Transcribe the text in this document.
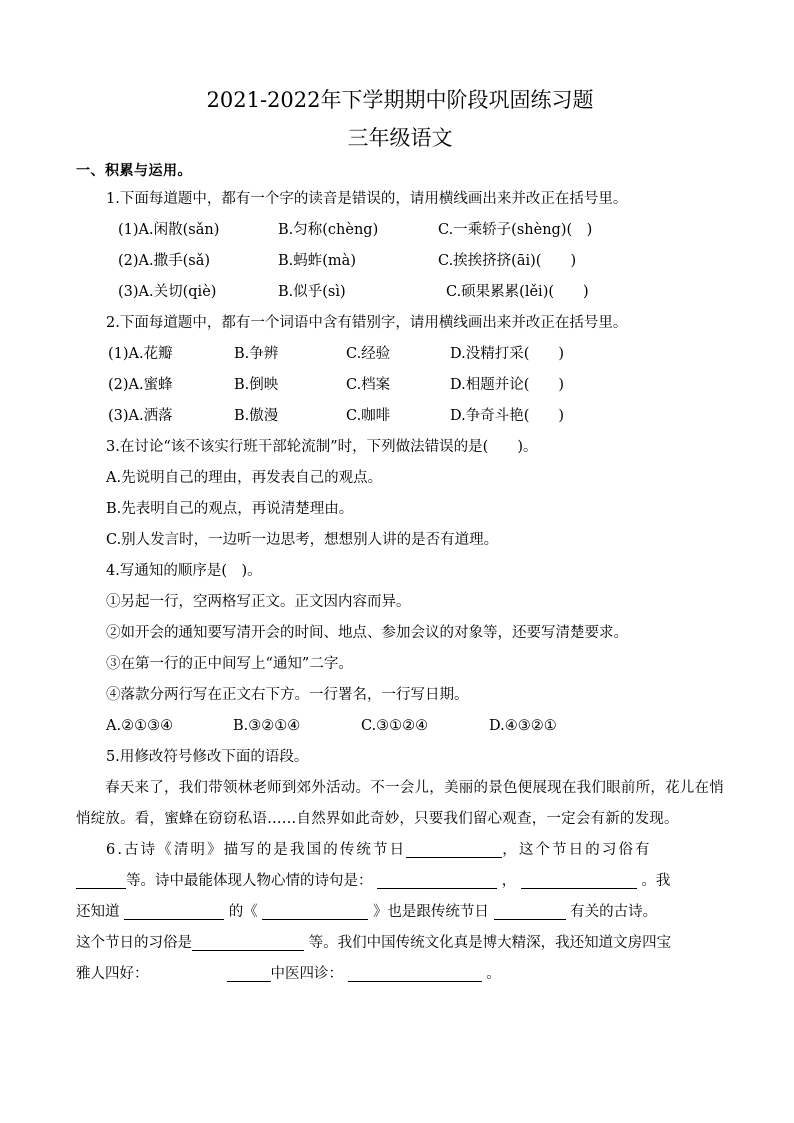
2021-2022年下学期期中阶段巩固练习题
三年级语文
一、积累与运用。
1.下面每道题中，都有一个字的读音是错误的，请用横线画出来并改正在括号里。
(1)A.闲散(sǎn)	B.匀称(chèng)	C.一乘轿子(shèng)(　)
(2)A.撒手(sǎ)	B.蚂蚱(mà)	C.挨挨挤挤(āi)(　　)
(3)A.关切(qiè)	B.似乎(sì)	C.硕果累累(lěi)(　　)
2.下面每道题中，都有一个词语中含有错别字，请用横线画出来并改正在括号里。
(1)A.花瓣	B.争辨	C.经验	D.没精打采(　　)
(2)A.蜜蜂	B.倒映	C.档案	D.相题并论(　　)
(3)A.洒落	B.傲漫	C.咖啡	D.争奇斗艳(　　)
3.在讨论“该不该实行班干部轮流制”时，下列做法错误的是(　　)。
A.先说明自己的理由，再发表自己的观点。
B.先表明自己的观点，再说清楚理由。
C.别人发言时，一边听一边思考，想想别人讲的是否有道理。
4.写通知的顺序是(　)。
①另起一行，空两格写正文。正文因内容而异。
②如开会的通知要写清开会的时间、地点、参加会议的对象等，还要写清楚要求。
③在第一行的正中间写上“通知”二字。
④落款分两行写在正文右下方。一行署名，一行写日期。
A.②①③④	B.③②①④	C.③①②④	D.④③②①
5.用修改符号修改下面的语段。
春天来了，我们带领林老师到郊外活动。不一会儿，美丽的景色便展现在我们眼前所，花儿在悄悄绽放。看，蜜蜂在窃窃私语……自然界如此奇妙，只要我们留心观查，一定会有新的发现。
6.古诗《清明》描写的是我国的传统节日	，这个节日的习俗有
等。诗中最能体现人物心情的诗句是：	，	。我
还知道	的《	》也是跟传统节日	有关的古诗。
这个节日的习俗是	等。我们中国传统文化真是博大精深，我还知道文房四宝
雅人四好：	中医四诊：	。
